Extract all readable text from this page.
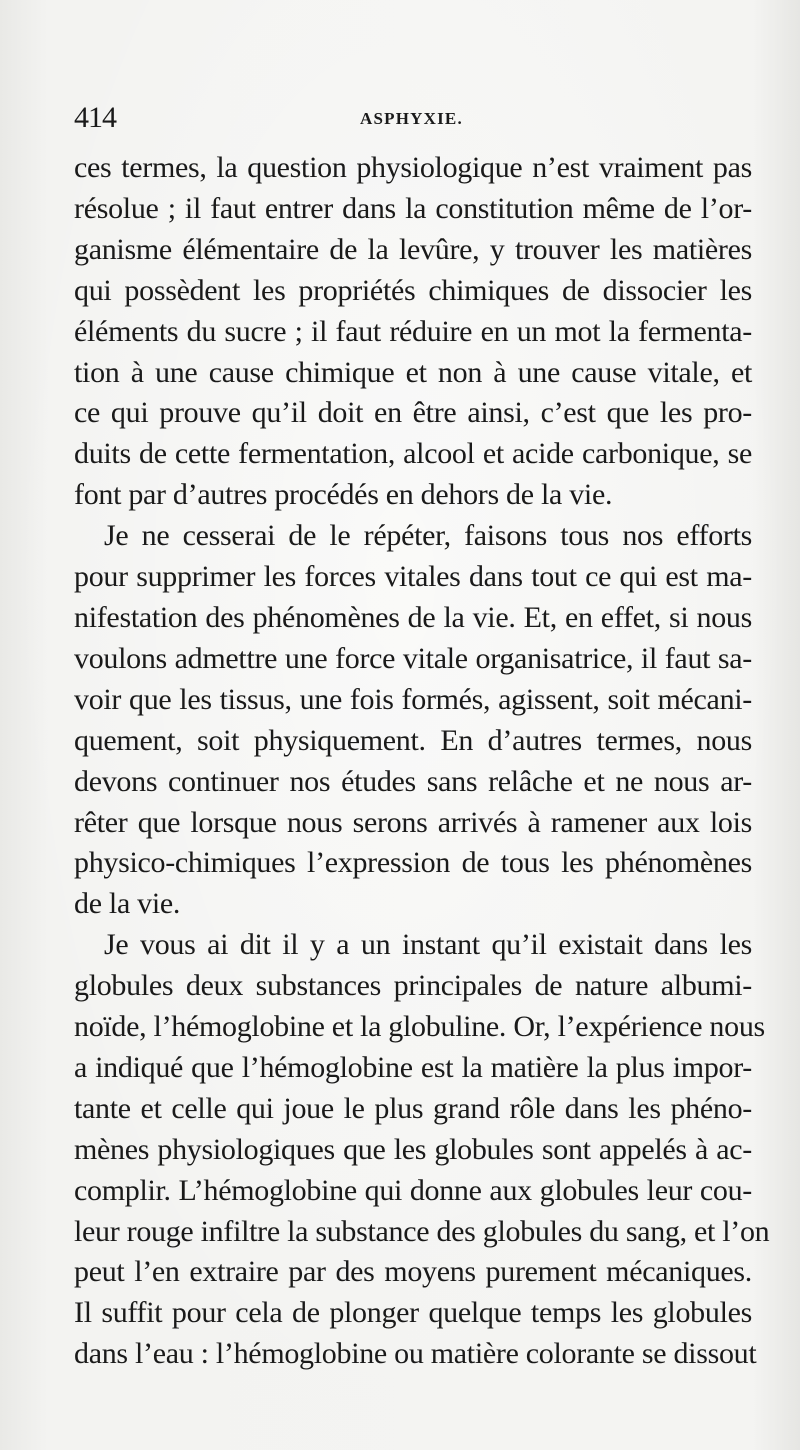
414	ASPHYXIE.
ces termes, la question physiologique n’est vraiment pas
résolue ; il faut entrer dans la constitution même de l’or-
ganisme élémentaire de la levûre, y trouver les matières
qui possèdent les propriétés chimiques de dissocier les
éléments du sucre ; il faut réduire en un mot la fermenta-
tion à une cause chimique et non à une cause vitale, et
ce qui prouve qu’il doit en être ainsi, c’est que les pro-
duits de cette fermentation, alcool et acide carbonique, se
font par d’autres procédés en dehors de la vie.
Je ne cesserai de le répéter, faisons tous nos efforts
pour supprimer les forces vitales dans tout ce qui est ma-
nifestation des phénomènes de la vie. Et, en effet, si nous
voulons admettre une force vitale organisatrice, il faut sa-
voir que les tissus, une fois formés, agissent, soit mécani-
quement, soit physiquement. En d’autres termes, nous
devons continuer nos études sans relâche et ne nous ar-
rêter que lorsque nous serons arrivés à ramener aux lois
physico-chimiques l’expression de tous les phénomènes
de la vie.
Je vous ai dit il y a un instant qu’il existait dans les
globules deux substances principales de nature albumi-
noïde, l’hémoglobine et la globuline. Or, l’expérience nous
a indiqué que l’hémoglobine est la matière la plus impor-
tante et celle qui joue le plus grand rôle dans les phéno-
mènes physiologiques que les globules sont appelés à ac-
complir. L’hémoglobine qui donne aux globules leur cou-
leur rouge infiltre la substance des globules du sang, et l’on
peut l’en extraire par des moyens purement mécaniques.
Il suffit pour cela de plonger quelque temps les globules
dans l’eau : l’hémoglobine ou matière colorante se dissout
